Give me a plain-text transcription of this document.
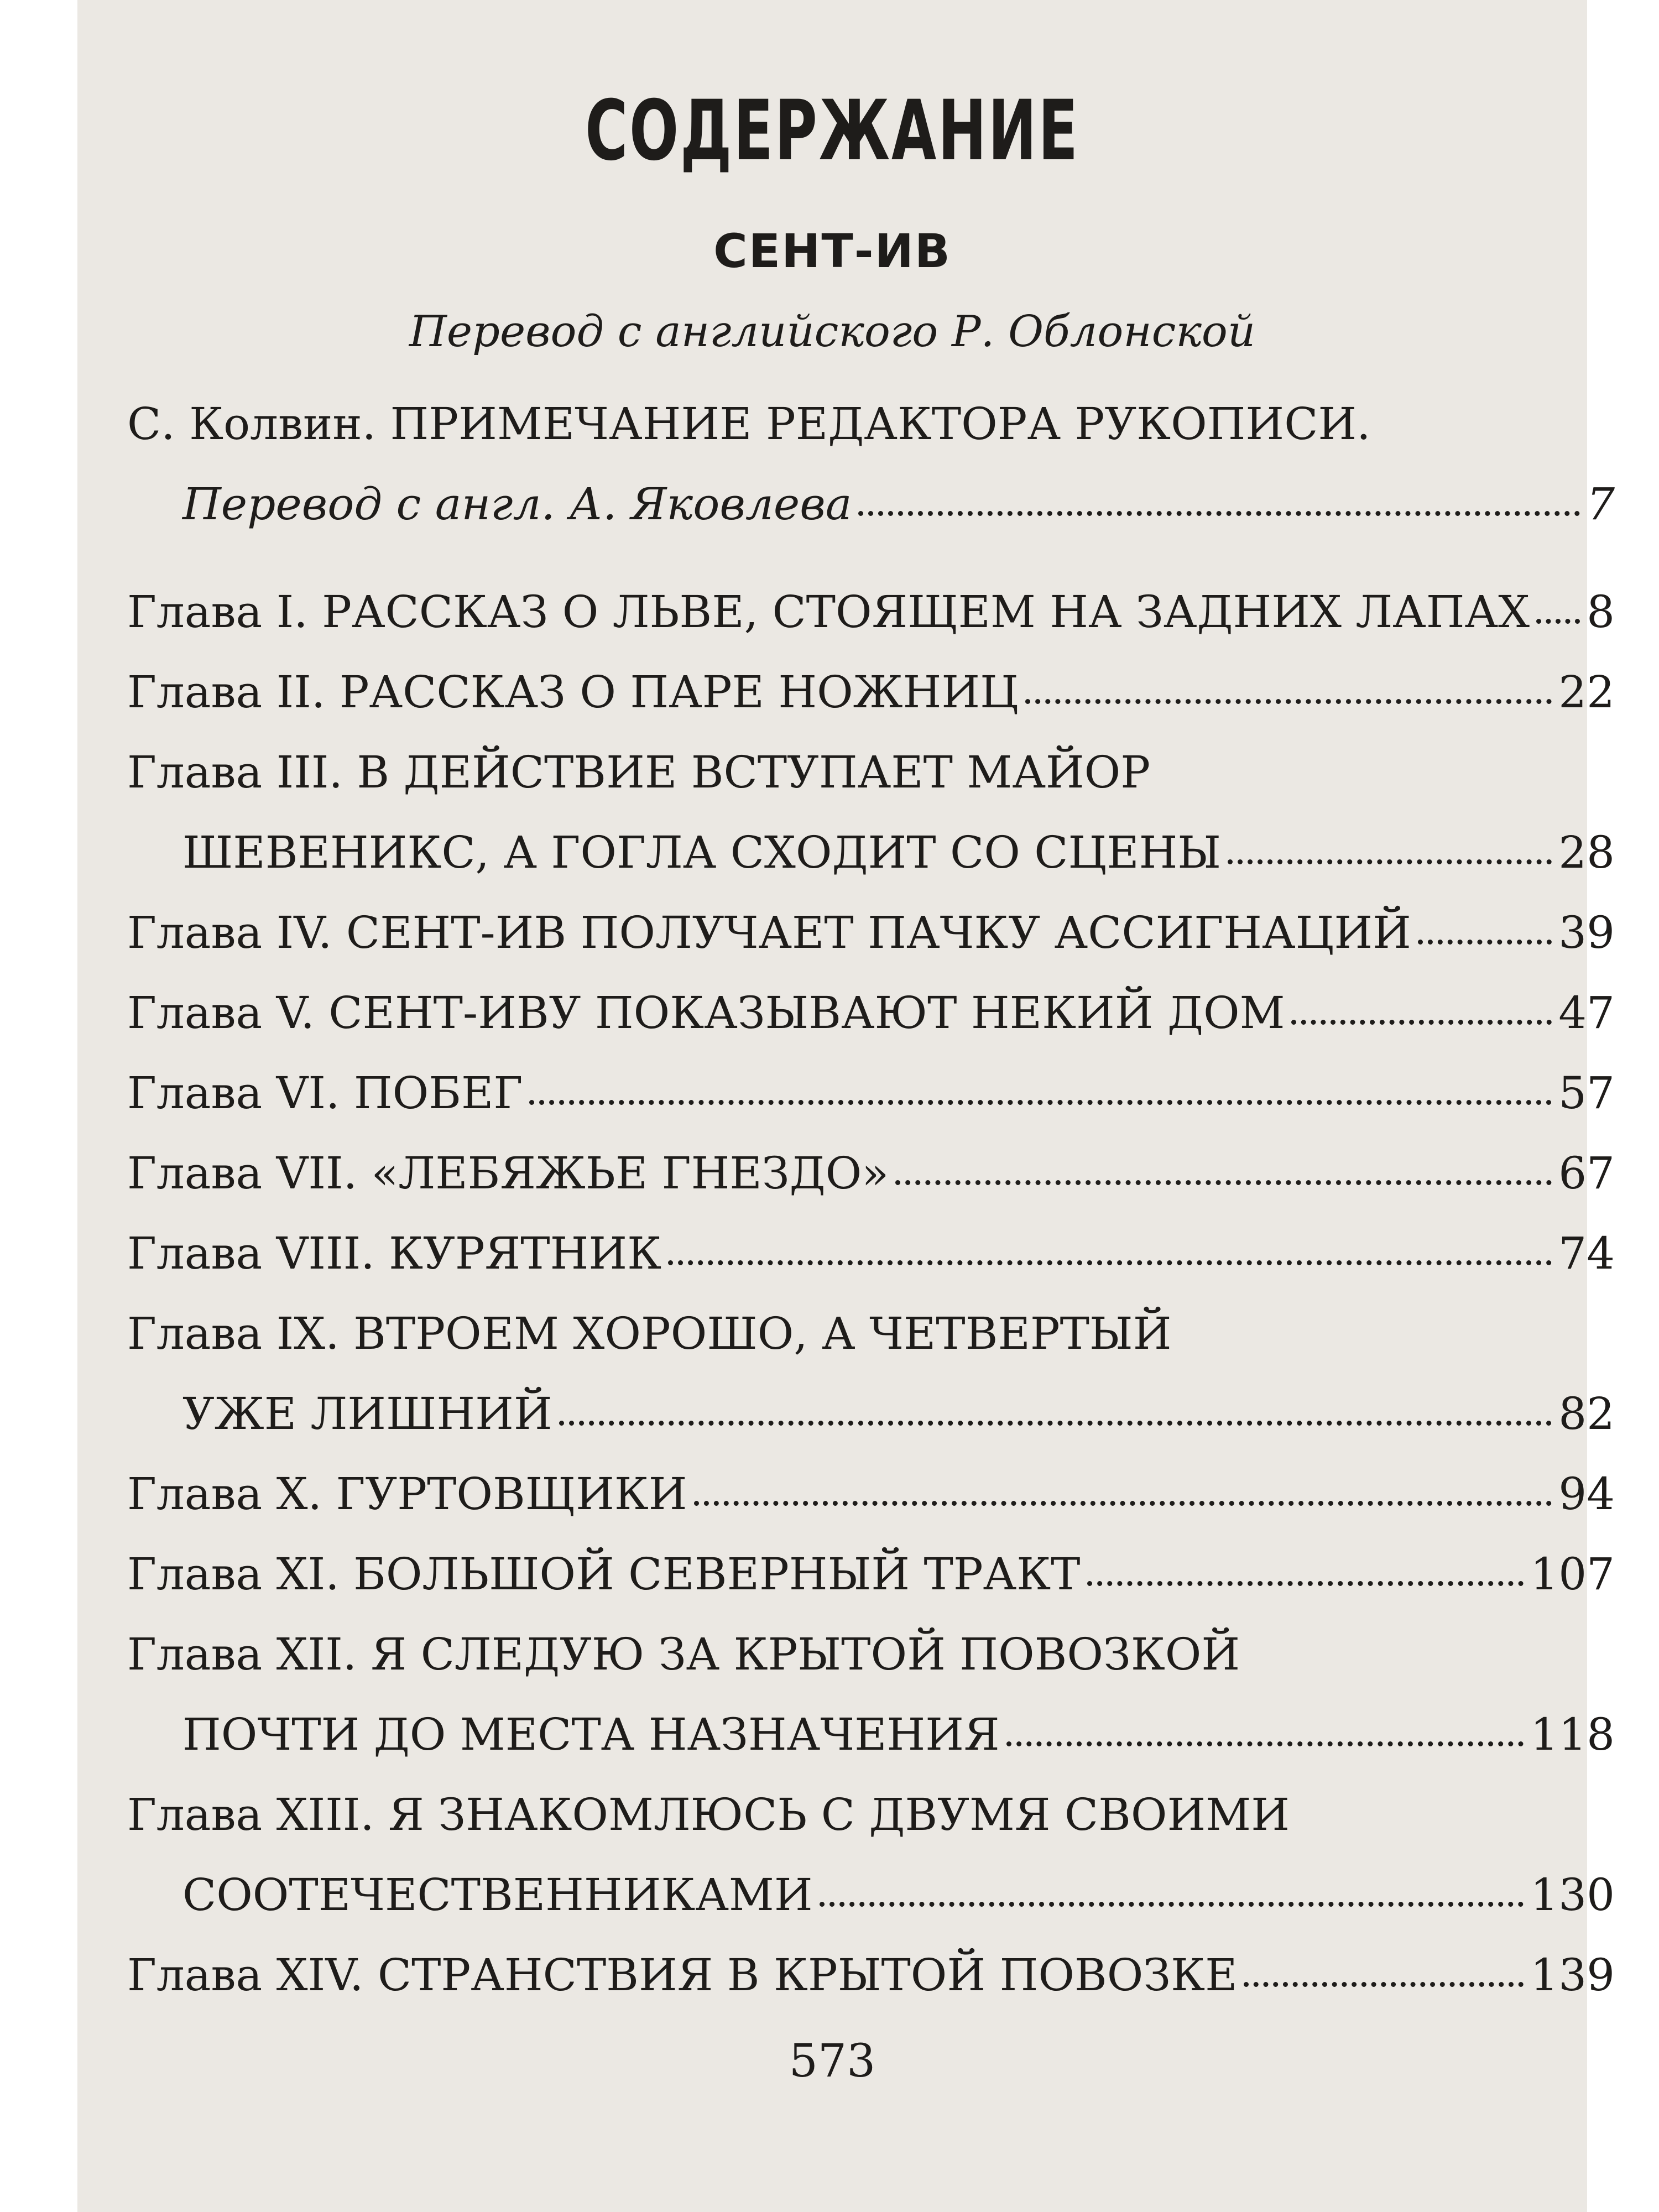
СОДЕРЖАНИЕ
СЕНТ-ИВ
Перевод с английского Р. Облонской
С. Колвин. ПРИМЕЧАНИЕ РЕДАКТОРА РУКОПИСИ.
Перевод с англ. А. Яковлева	7
Глава I. РАССКАЗ О ЛЬВЕ, СТОЯЩЕМ НА ЗАДНИХ ЛАПАХ 8
Глава II. РАССКАЗ О ПАРЕ НОЖНИЦ	22
Глава III. В ДЕЙСТВИЕ ВСТУПАЕТ МАЙОР
ШЕВЕНИКС, А ГОГЛА СХОДИТ СО СЦЕНЫ	28
Глава IV. СЕНТ-ИВ ПОЛУЧАЕТ ПАЧКУ АССИГНАЦИЙ	39
Глава V. СЕНТ-ИВУ ПОКАЗЫВАЮТ НЕКИЙ ДОМ	47
Глава VI. ПОБЕГ	57
Глава VII. «ЛЕБЯЖЬЕ ГНЕЗДО»	67
Глава VIII. КУРЯТНИК	74
Глава IX. ВТРОЕМ ХОРОШО, А ЧЕТВЕРТЫЙ
УЖЕ ЛИШНИЙ	82
Глава X. ГУРТОВЩИКИ	94
Глава XI. БОЛЬШОЙ СЕВЕРНЫЙ ТРАКТ	107
Глава XII. Я СЛЕДУЮ ЗА КРЫТОЙ ПОВОЗКОЙ
ПОЧТИ ДО МЕСТА НАЗНАЧЕНИЯ	118
Глава XIII. Я ЗНАКОМЛЮСЬ С ДВУМЯ СВОИМИ
СООТЕЧЕСТВЕННИКАМИ	130
Глава XIV. СТРАНСТВИЯ В КРЫТОЙ ПОВОЗКЕ	139
573
